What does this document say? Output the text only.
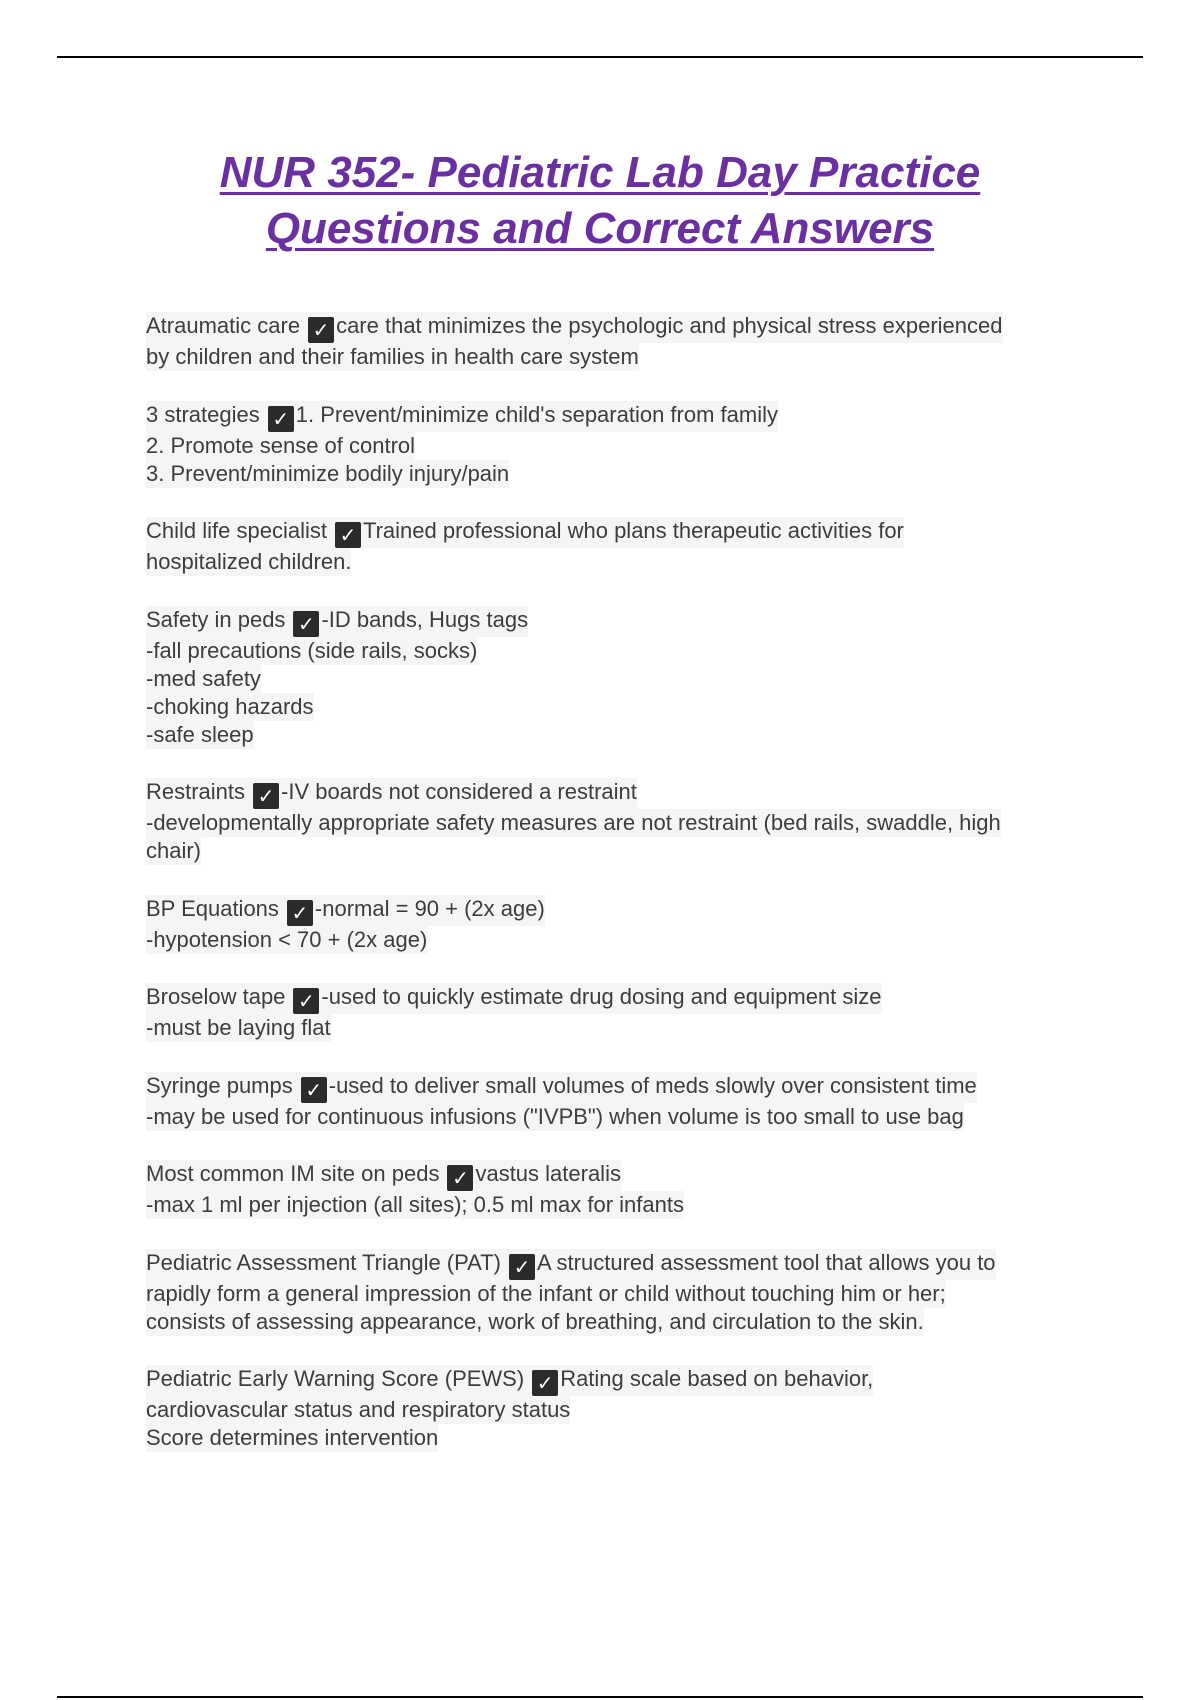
NUR 352- Pediatric Lab Day Practice
Questions and Correct Answers
Atraumatic care ✓ care that minimizes the psychologic and physical stress experienced
by children and their families in health care system
3 strategies ✓ 1. Prevent/minimize child's separation from family
2. Promote sense of control
3. Prevent/minimize bodily injury/pain
Child life specialist ✓ Trained professional who plans therapeutic activities for
hospitalized children.
Safety in peds ✓ -ID bands, Hugs tags
-fall precautions (side rails, socks)
-med safety
-choking hazards
-safe sleep
Restraints ✓ -IV boards not considered a restraint
-developmentally appropriate safety measures are not restraint (bed rails, swaddle, high
chair)
BP Equations ✓ -normal = 90 + (2x age)
-hypotension < 70 + (2x age)
Broselow tape ✓ -used to quickly estimate drug dosing and equipment size
-must be laying flat
Syringe pumps ✓ -used to deliver small volumes of meds slowly over consistent time
-may be used for continuous infusions ("IVPB") when volume is too small to use bag
Most common IM site on peds ✓ vastus lateralis
-max 1 ml per injection (all sites); 0.5 ml max for infants
Pediatric Assessment Triangle (PAT) ✓ A structured assessment tool that allows you to
rapidly form a general impression of the infant or child without touching him or her;
consists of assessing appearance, work of breathing, and circulation to the skin.
Pediatric Early Warning Score (PEWS) ✓ Rating scale based on behavior,
cardiovascular status and respiratory status
Score determines intervention
